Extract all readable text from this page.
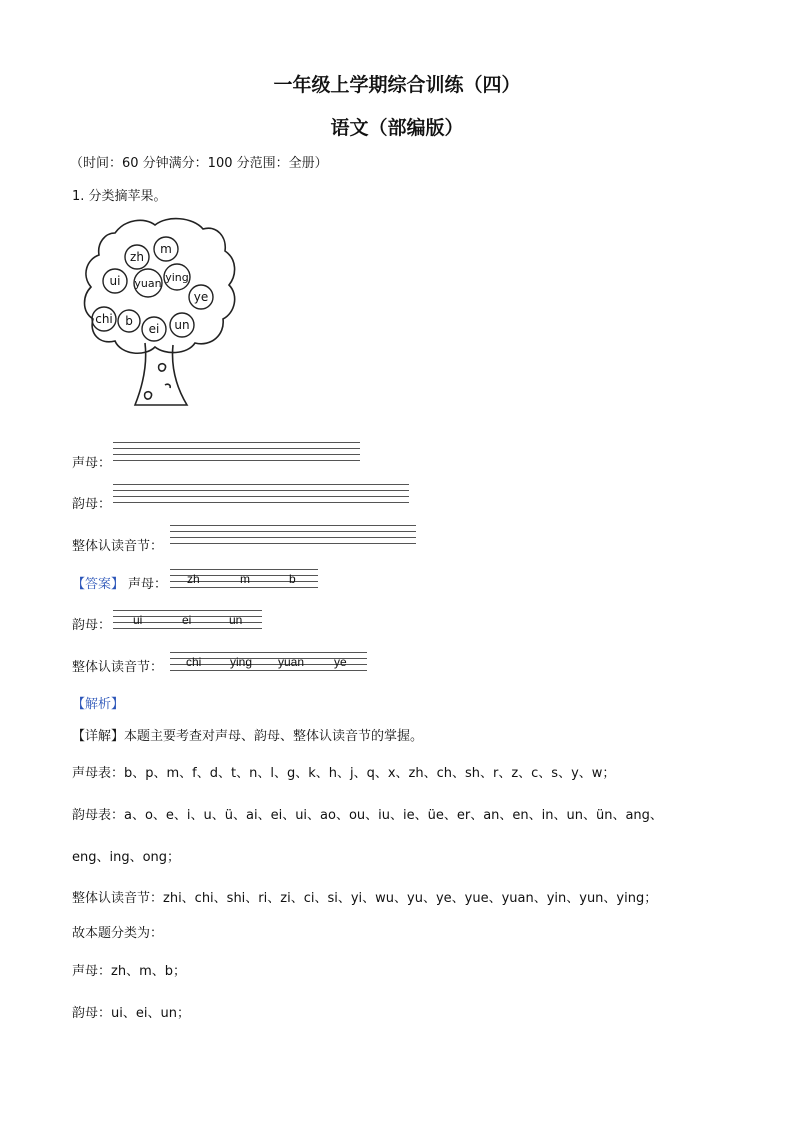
一年级上学期综合训练（四）
语文（部编版）
（时间：60 分钟满分：100 分范围：全册）
1. 分类摘苹果。
zh
m
ui yuan ying
ye
chi b
ei un
声母：
韵母：
整体认读音节：
【答案】 声母： zh	m	b
韵母： ui	ei	un
整体认读音节： chi ying yuan ye
【解析】
【详解】本题主要考查对声母、韵母、整体认读音节的掌握。
声母表：b、p、m、f、d、t、n、l、g、k、h、j、q、x、zh、ch、sh、r、z、c、s、y、w；
韵母表：a、o、e、i、u、ü、ai、ei、ui、ao、ou、iu、ie、üe、er、an、en、in、un、ün、ang、
eng、ing、ong；
整体认读音节：zhi、chi、shi、ri、zi、ci、si、yi、wu、yu、ye、yue、yuan、yin、yun、ying；
故本题分类为：
声母：zh、m、b；
韵母：ui、ei、un；
